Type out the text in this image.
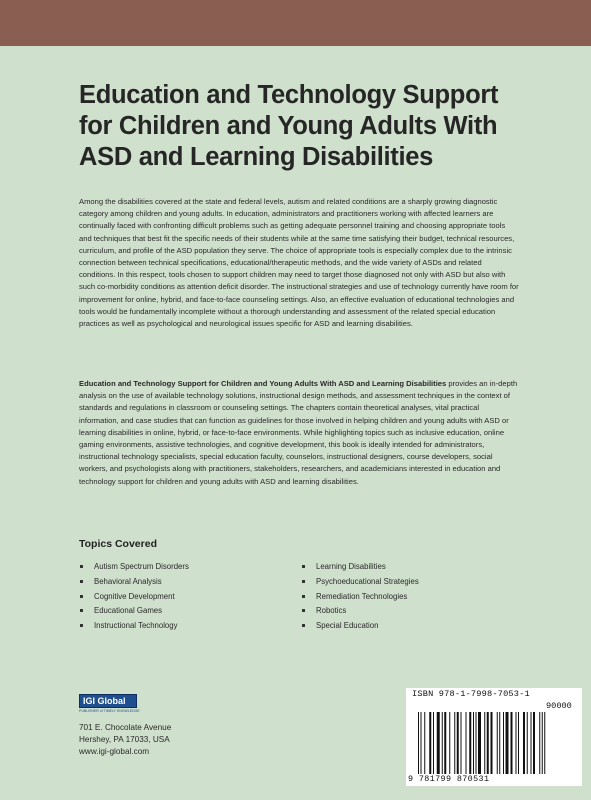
Education and Technology Support
for Children and Young Adults With
ASD and Learning Disabilities

Among the disabilities covered at the state and federal levels, autism and related conditions are a sharply growing diagnostic category among children and young adults. In education, administrators and practitioners working with affected learners are continually faced with confronting difficult problems such as getting adequate personnel training and choosing appropriate tools and techniques that best fit the specific needs of their students while at the same time satisfying their budget, technical resources, curriculum, and profile of the ASD population they serve. The choice of appropriate tools is especially complex due to the intrinsic connection between technical specifications, educational/therapeutic methods, and the wide variety of ASDs and related conditions. In this respect, tools chosen to support children may need to target those diagnosed not only with ASD but also with such co-morbidity conditions as attention deficit disorder. The instructional strategies and use of technology currently have room for improvement for online, hybrid, and face-to-face counseling settings. Also, an effective evaluation of educational technologies and tools would be fundamentally incomplete without a thorough understanding and assessment of the related special education practices as well as psychological and neurological issues specific for ASD and learning disabilities.

Education and Technology Support for Children and Young Adults With ASD and Learning Disabilities provides an in-depth analysis on the use of available technology solutions, instructional design methods, and assessment techniques in the context of standards and regulations in classroom or counseling settings. The chapters contain theoretical analyses, vital practical information, and case studies that can function as guidelines for those involved in helping children and young adults with ASD or learning disabilities in online, hybrid, or face-to-face environments. While highlighting topics such as inclusive education, online gaming environments, assistive technologies, and cognitive development, this book is ideally intended for administrators, instructional technology specialists, special education faculty, counselors, instructional designers, course developers, social workers, and psychologists along with practitioners, stakeholders, researchers, and academicians interested in education and technology support for children and young adults with ASD and learning disabilities.

Topics Covered
Autism Spectrum Disorders
Behavioral Analysis
Cognitive Development
Educational Games
Instructional Technology
Learning Disabilities
Psychoeducational Strategies
Remediation Technologies
Robotics
Special Education
IGI Global
PUBLISHER of TIMELY KNOWLEDGE
701 E. Chocolate Avenue
Hershey, PA 17033, USA
www.igi-global.com
ISBN 978-1-7998-7053-1
90000
9 781799 870531
